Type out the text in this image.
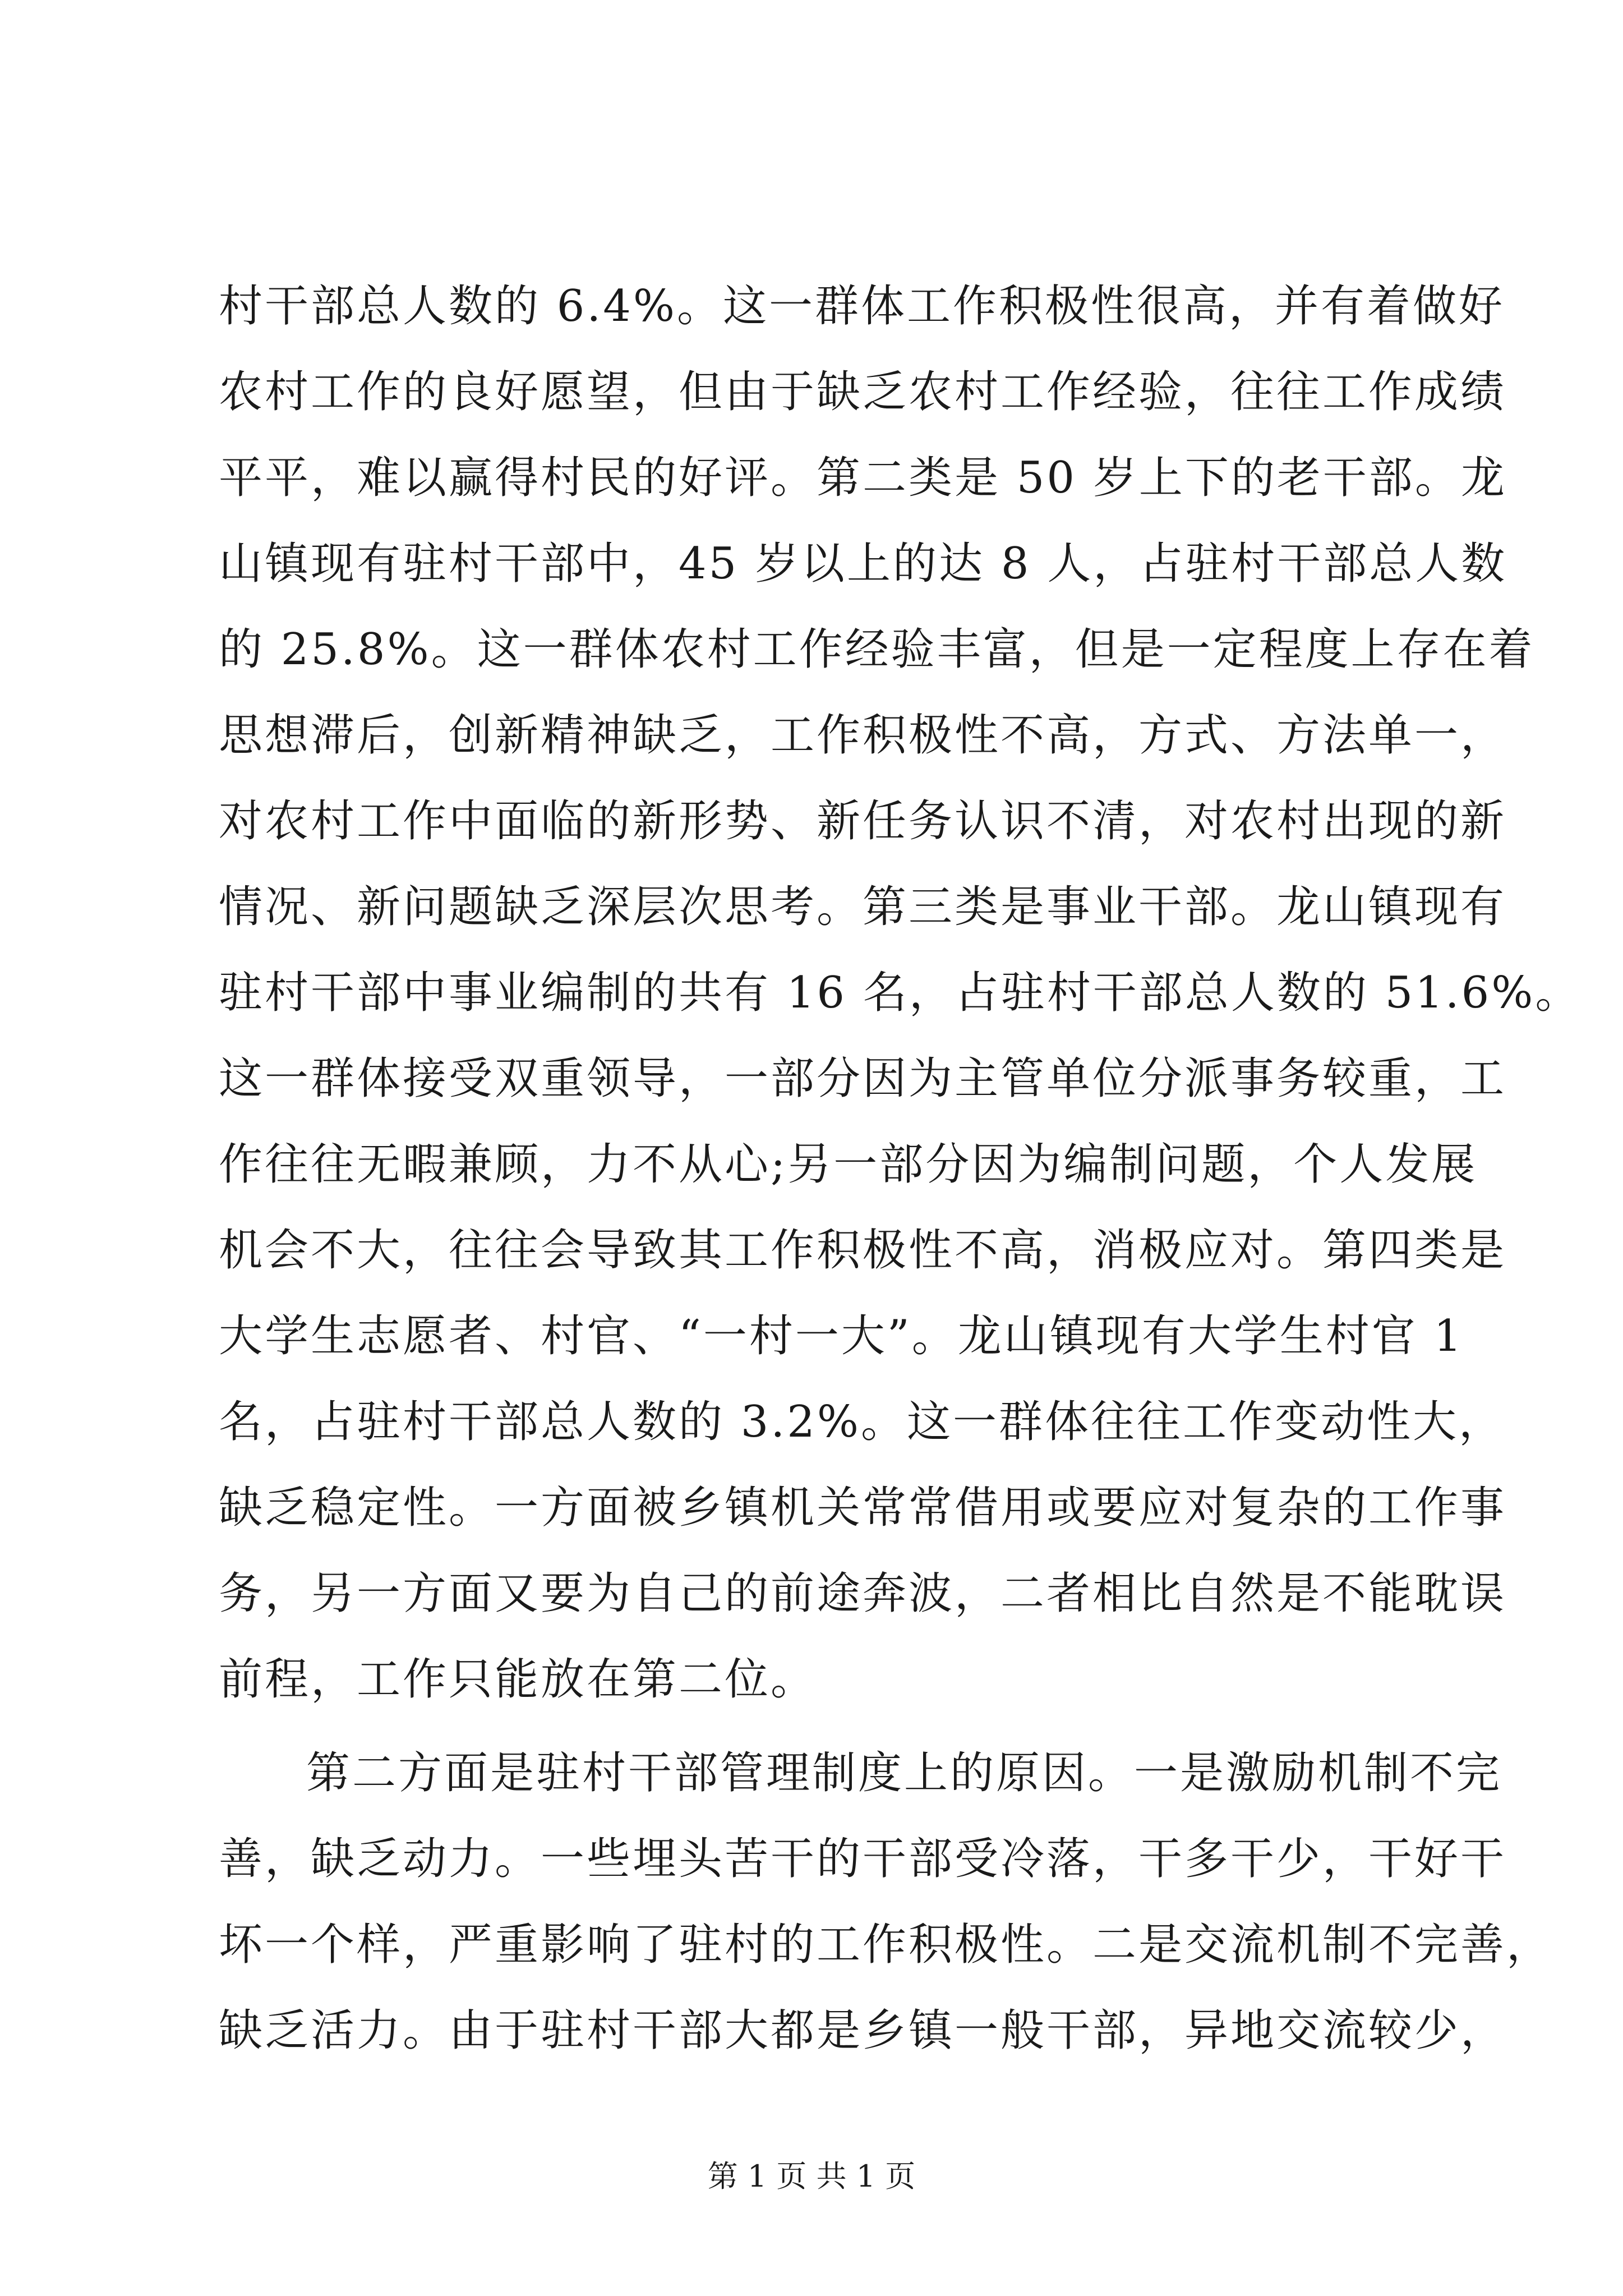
村干部总人数的 6.4%。这一群体工作积极性很高，并有着做好
农村工作的良好愿望，但由于缺乏农村工作经验，往往工作成绩
平平，难以赢得村民的好评。第二类是 50 岁上下的老干部。龙
山镇现有驻村干部中，45 岁以上的达 8 人，占驻村干部总人数
的 25.8%。这一群体农村工作经验丰富，但是一定程度上存在着
思想滞后，创新精神缺乏，工作积极性不高，方式、方法单一，
对农村工作中面临的新形势、新任务认识不清，对农村出现的新
情况、新问题缺乏深层次思考。第三类是事业干部。龙山镇现有
驻村干部中事业编制的共有 16 名，占驻村干部总人数的 51.6%。
这一群体接受双重领导，一部分因为主管单位分派事务较重，工
作往往无暇兼顾，力不从心;另一部分因为编制问题，个人发展
机会不大，往往会导致其工作积极性不高，消极应对。第四类是
大学生志愿者、村官、“一村一大”。龙山镇现有大学生村官 1
名，占驻村干部总人数的 3.2%。这一群体往往工作变动性大，
缺乏稳定性。一方面被乡镇机关常常借用或要应对复杂的工作事
务，另一方面又要为自己的前途奔波，二者相比自然是不能耽误
前程，工作只能放在第二位。
第二方面是驻村干部管理制度上的原因。一是激励机制不完
善，缺乏动力。一些埋头苦干的干部受冷落，干多干少，干好干
坏一个样，严重影响了驻村的工作积极性。二是交流机制不完善，
缺乏活力。由于驻村干部大都是乡镇一般干部，异地交流较少，
第 1 页 共 1 页
